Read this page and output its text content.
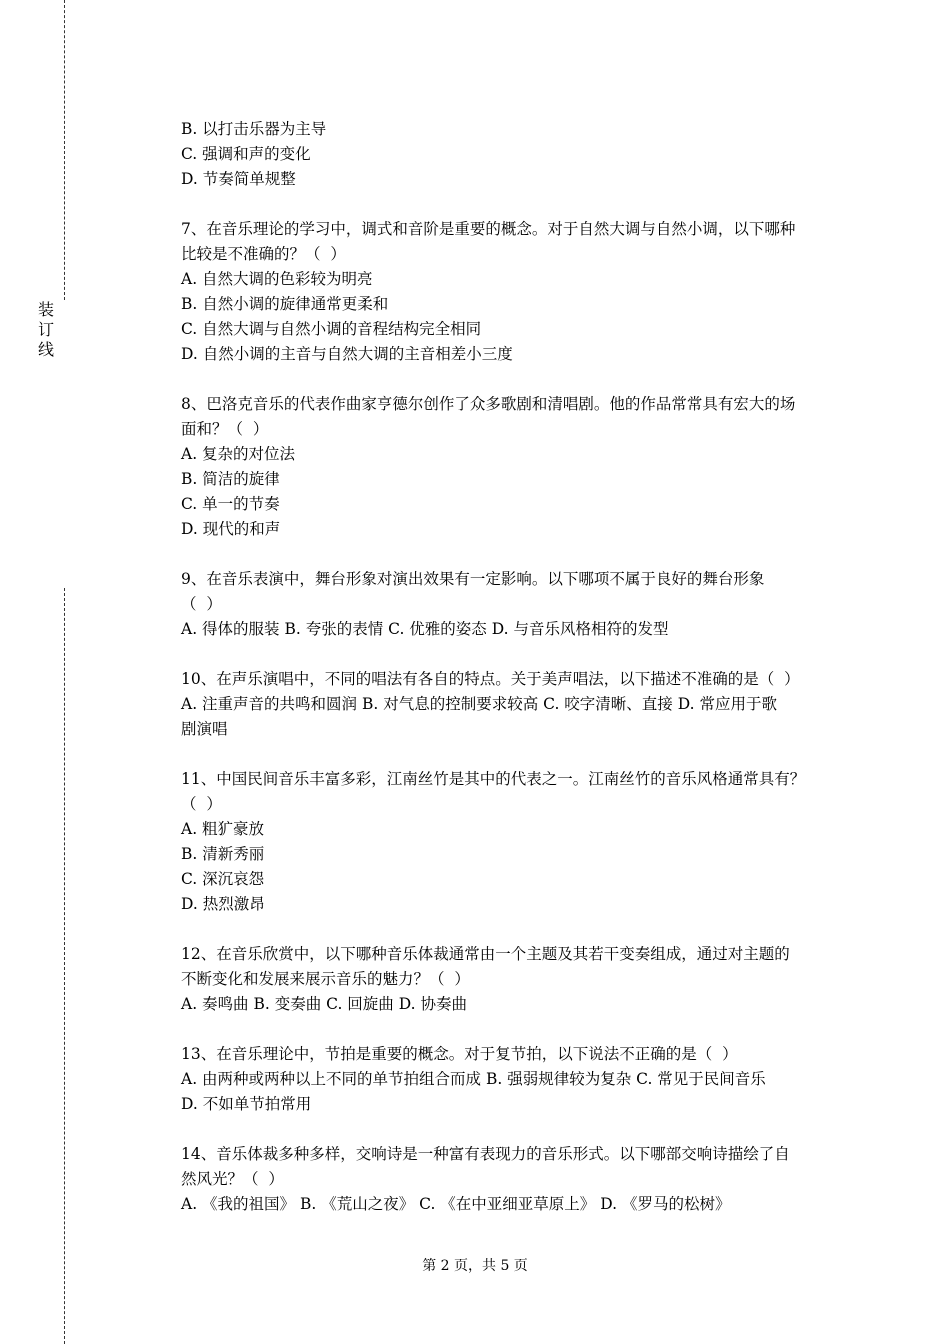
装
订
线
B. 以打击乐器为主导
C. 强调和声的变化
D. 节奏简单规整
7、在音乐理论的学习中，调式和音阶是重要的概念。对于自然大调与自然小调，以下哪种
比较是不准确的？（  ）
A. 自然大调的色彩较为明亮
B. 自然小调的旋律通常更柔和
C. 自然大调与自然小调的音程结构完全相同
D. 自然小调的主音与自然大调的主音相差小三度
8、巴洛克音乐的代表作曲家亨德尔创作了众多歌剧和清唱剧。他的作品常常具有宏大的场
面和？（  ）
A. 复杂的对位法
B. 简洁的旋律
C. 单一的节奏
D. 现代的和声
9、在音乐表演中，舞台形象对演出效果有一定影响。以下哪项不属于良好的舞台形象
（  ）
A. 得体的服装 B. 夸张的表情 C. 优雅的姿态 D. 与音乐风格相符的发型
10、在声乐演唱中，不同的唱法有各自的特点。关于美声唱法，以下描述不准确的是（  ）
A. 注重声音的共鸣和圆润 B. 对气息的控制要求较高 C. 咬字清晰、直接 D. 常应用于歌
剧演唱
11、中国民间音乐丰富多彩，江南丝竹是其中的代表之一。江南丝竹的音乐风格通常具有？
（  ）
A. 粗犷豪放
B. 清新秀丽
C. 深沉哀怨
D. 热烈激昂
12、在音乐欣赏中，以下哪种音乐体裁通常由一个主题及其若干变奏组成，通过对主题的
不断变化和发展来展示音乐的魅力？（  ）
A. 奏鸣曲 B. 变奏曲 C. 回旋曲 D. 协奏曲
13、在音乐理论中，节拍是重要的概念。对于复节拍，以下说法不正确的是（  ）
A. 由两种或两种以上不同的单节拍组合而成 B. 强弱规律较为复杂 C. 常见于民间音乐
D. 不如单节拍常用
14、音乐体裁多种多样，交响诗是一种富有表现力的音乐形式。以下哪部交响诗描绘了自
然风光？（  ）
A. 《我的祖国》 B. 《荒山之夜》 C. 《在中亚细亚草原上》 D. 《罗马的松树》
第 2 页，共 5 页
